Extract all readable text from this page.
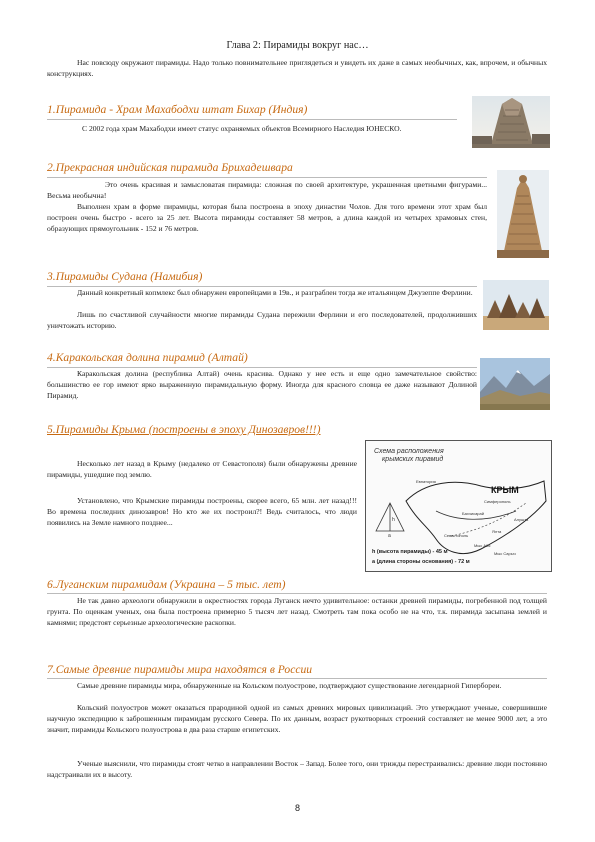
Глава 2: Пирамиды вокруг нас…

Нас повсюду окружают пирамиды. Надо только повнимательнее приглядеться и увидеть их даже в самых необычных, как, впрочем, и обычных конструкциях.

1.Пирамида - Храм Махабодхи штат Бихар (Индия)

С 2002 года храм Махабодхи имеет статус охраняемых объектов Всемирного Наследия ЮНЕСКО.

2.Прекрасная индийская пирамида Брихадешвара

Это очень красивая и замысловатая пирамида: сложная по своей архитектуре, украшенная цветными фигурами... Весьма необычна!

Выполнен храм в форме пирамиды, которая была построена в эпоху династии Чолов. Для того времени этот храм был построен очень быстро - всего за 25 лет. Высота пирамиды составляет 58 метров, а длина каждой из четырех храмовых стен, образующих прямоугольник - 152 и 76 метров.

3.Пирамиды Судана (Намибия)

Данный конкретный копмлекс был обнаружен европейцами в 19в., и разграблен тогда же итальянцем Джузеппе Ферлини.

Лишь по счастливой случайности многие пирамиды Судана пережили Ферлини и его последователей, продолживших уничтожать историю.

4.Каракольская долина пирамид (Алтай)

Каракольская долина (республика Алтай) очень красива. Однако у нее есть и еще одно замечательное свойство: большинство ее гор имеют ярко выраженную пирамидальную форму. Иногда для красного словца ее даже называют Долиной Пирамид.

5.Пирамиды Крыма (построены в эпоху Динозавров!!!)

Несколько лет назад в Крыму (недалеко от Севастополя) были обнаружены древние пирамиды, ушедшие под землю.

Установлено, что Крымские пирамиды построены, скорее всего, 65 млн. лет назад!!! Во времена последних динозавров! Но кто же их построил?! Ведь считалось, что люди появились на Земле намного позднее...

Схема расположения
крымских пирамид
КРЫМ
Евпатория
Симферополь
Бахчисарай
Севастополь
Ялта
Алушта
Мыс Айя
Мыс Сарыч
h
a
h (высота пирамиды) - 45 м
а (длина стороны основания) - 72 м
6.Луганским пирамидам (Украина – 5 тыс. лет)

Не так давно археологи обнаружили в окрестностях города Луганск нечто удивительное: останки древней пирамиды, погребенной под толщей грунта. По оценкам ученых, она была построена примерно 5 тысяч лет назад. Смотреть там пока особо не на что, т.к. пирамида засыпана землей и камнями; предстоят серьезные археологические раскопки.

7.Самые древние пирамиды мира находятся в России

Самые древние пирамиды мира, обнаруженные на Кольском полуострове, подтверждают существование легендарной Гипербореи.

Кольский полуостров может оказаться прародиной одной из самых древних мировых цивилизаций. Это утверждают ученые, совершившие научную экспедицию к заброшенным пирамидам русского Севера. По их данным, возраст рукотворных строений составляет не менее 9000 лет, а это значит, пирамиды Кольского полуострова в два раза старше египетских.

Ученые выяснили, что пирамиды стоят четко в направлении Восток – Запад. Более того, они трижды перестраивались: древние люди постоянно надстраивали их в высоту.

8
